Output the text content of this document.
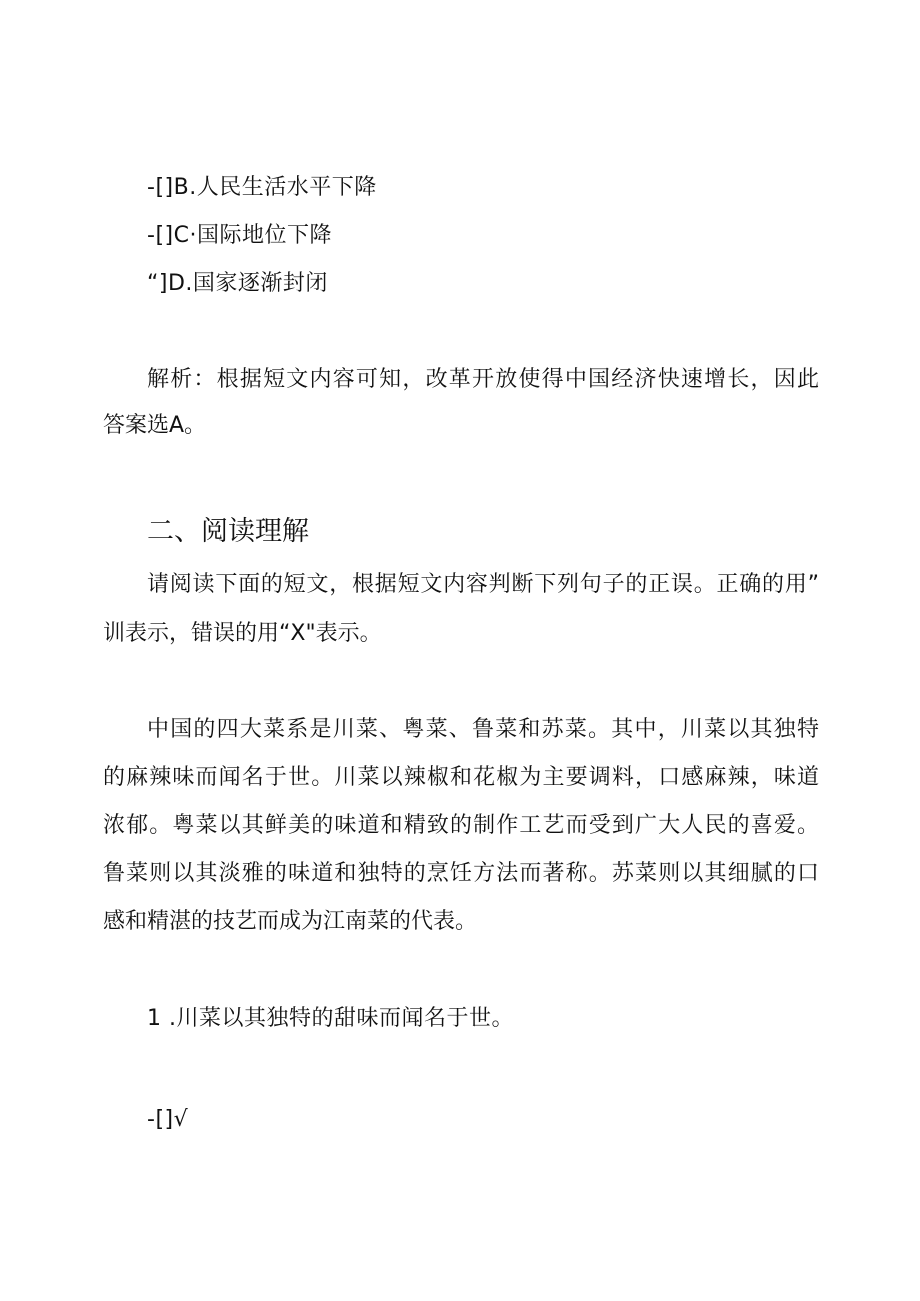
-[]B.人民生活水平下降
-[]C·国际地位下降
“]D.国家逐渐封闭
解析：根据短文内容可知，改革开放使得中国经济快速增长，因此
答案选A。
二、阅读理解
请阅读下面的短文，根据短文内容判断下列句子的正误。正确的用”
训表示，错误的用“X"表示。
中国的四大菜系是川菜、粤菜、鲁菜和苏菜。其中，川菜以其独特
的麻辣味而闻名于世。川菜以辣椒和花椒为主要调料，口感麻辣，味道
浓郁。粤菜以其鲜美的味道和精致的制作工艺而受到广大人民的喜爱。
鲁菜则以其淡雅的味道和独特的烹饪方法而著称。苏菜则以其细腻的口
感和精湛的技艺而成为江南菜的代表。
1 .川菜以其独特的甜味而闻名于世。
-[]√
